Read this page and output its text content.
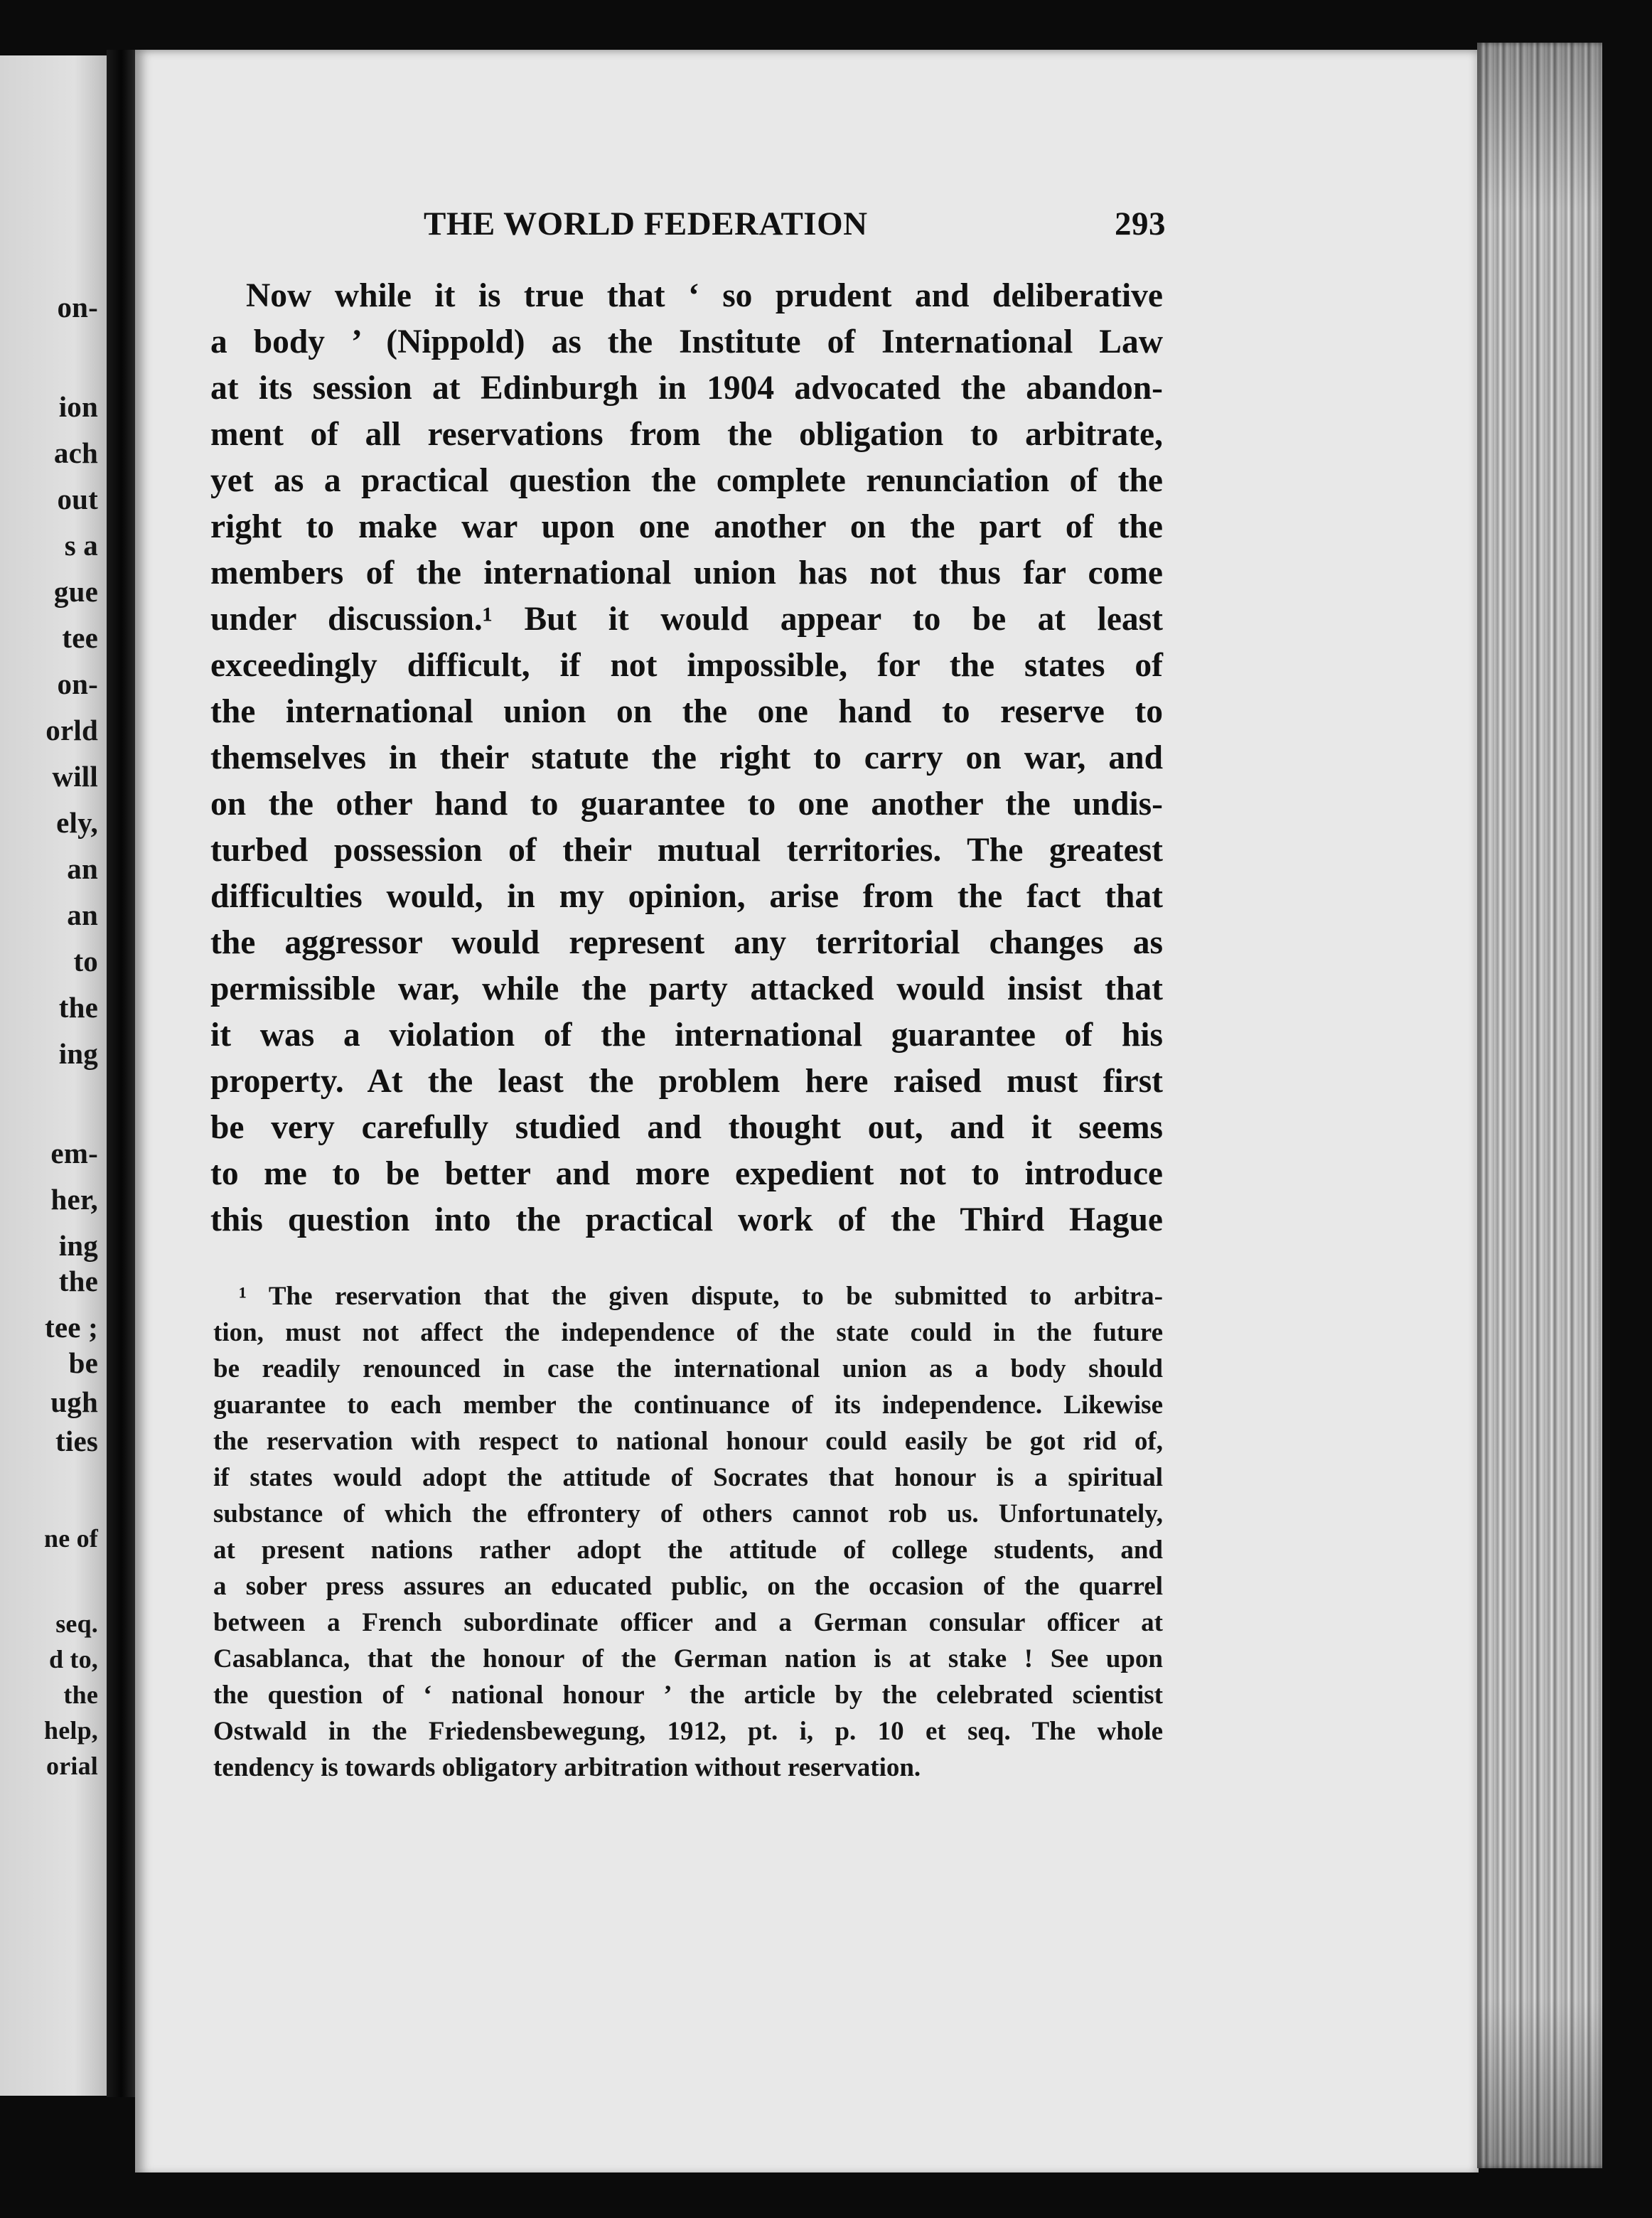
on-
ion
ach
out
s a
gue
tee
on-
orld
will
ely,
an
an
to
the
ing
em-
her,
ing
the
tee ;
be
ugh
ties
ne of
seq.
d to,
the
help,
orial
THE WORLD FEDERATION	293
Now while it is true that ‘ so prudent and deliberative
a body ’ (Nippold) as the Institute of International Law
at its session at Edinburgh in 1904 advocated the abandon-
ment of all reservations from the obligation to arbitrate,
yet as a practical question the complete renunciation of the
right to make war upon one another on the part of the
members of the international union has not thus far come
under discussion.¹ But it would appear to be at least
exceedingly difficult, if not impossible, for the states of
the international union on the one hand to reserve to
themselves in their statute the right to carry on war, and
on the other hand to guarantee to one another the undis-
turbed possession of their mutual territories. The greatest
difficulties would, in my opinion, arise from the fact that
the aggressor would represent any territorial changes as
permissible war, while the party attacked would insist that
it was a violation of the international guarantee of his
property. At the least the problem here raised must first
be very carefully studied and thought out, and it seems
to me to be better and more expedient not to introduce
this question into the practical work of the Third Hague
¹ The reservation that the given dispute, to be submitted to arbitra-
tion, must not affect the independence of the state could in the future
be readily renounced in case the international union as a body should
guarantee to each member the continuance of its independence. Likewise
the reservation with respect to national honour could easily be got rid of,
if states would adopt the attitude of Socrates that honour is a spiritual
substance of which the effrontery of others cannot rob us. Unfortunately,
at present nations rather adopt the attitude of college students, and
a sober press assures an educated public, on the occasion of the quarrel
between a French subordinate officer and a German consular officer at
Casablanca, that the honour of the German nation is at stake ! See upon
the question of ‘ national honour ’ the article by the celebrated scientist
Ostwald in the Friedensbewegung, 1912, pt. i, p. 10 et seq. The whole
tendency is towards obligatory arbitration without reservation.
